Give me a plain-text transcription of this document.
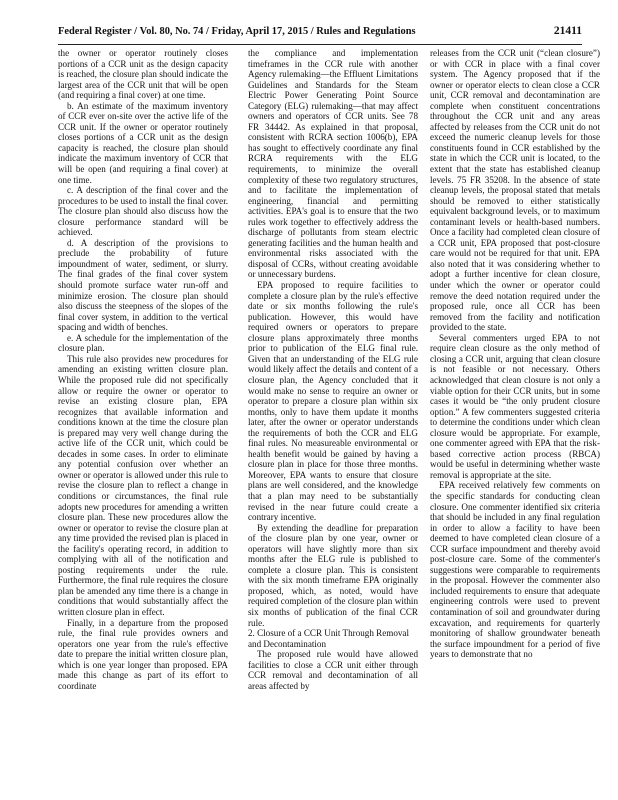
Federal Register / Vol. 80, No. 74 / Friday, April 17, 2015 / Rules and Regulations	21411

the owner or operator routinely closes portions of a CCR unit as the design capacity is reached, the closure plan should indicate the largest area of the CCR unit that will be open (and requiring a final cover) at one time.

b. An estimate of the maximum inventory of CCR ever on-site over the active life of the CCR unit. If the owner or operator routinely closes portions of a CCR unit as the design capacity is reached, the closure plan should indicate the maximum inventory of CCR that will be open (and requiring a final cover) at one time.

c. A description of the final cover and the procedures to be used to install the final cover. The closure plan should also discuss how the closure performance standard will be achieved.

d. A description of the provisions to preclude the probability of future impoundment of water, sediment, or slurry. The final grades of the final cover system should promote surface water run-off and minimize erosion. The closure plan should also discuss the steepness of the slopes of the final cover system, in addition to the vertical spacing and width of benches.

e. A schedule for the implementation of the closure plan.

This rule also provides new procedures for amending an existing written closure plan. While the proposed rule did not specifically allow or require the owner or operator to revise an existing closure plan, EPA recognizes that available information and conditions known at the time the closure plan is prepared may very well change during the active life of the CCR unit, which could be decades in some cases. In order to eliminate any potential confusion over whether an owner or operator is allowed under this rule to revise the closure plan to reflect a change in conditions or circumstances, the final rule adopts new procedures for amending a written closure plan. These new procedures allow the owner or operator to revise the closure plan at any time provided the revised plan is placed in the facility's operating record, in addition to complying with all of the notification and posting requirements under the rule. Furthermore, the final rule requires the closure plan be amended any time there is a change in conditions that would substantially affect the written closure plan in effect.

Finally, in a departure from the proposed rule, the final rule provides owners and operators one year from the rule's effective date to prepare the initial written closure plan, which is one year longer than proposed. EPA made this change as part of its effort to coordinate

the compliance and implementation timeframes in the CCR rule with another Agency rulemaking—the Effluent Limitations Guidelines and Standards for the Steam Electric Power Generating Point Source Category (ELG) rulemaking—that may affect owners and operators of CCR units. See 78 FR 34442. As explained in that proposal, consistent with RCRA section 1006(b), EPA has sought to effectively coordinate any final RCRA requirements with the ELG requirements, to minimize the overall complexity of these two regulatory structures, and to facilitate the implementation of engineering, financial and permitting activities. EPA's goal is to ensure that the two rules work together to effectively address the discharge of pollutants from steam electric generating facilities and the human health and environmental risks associated with the disposal of CCRs, without creating avoidable or unnecessary burdens.

EPA proposed to require facilities to complete a closure plan by the rule's effective date or six months following the rule's publication. However, this would have required owners or operators to prepare closure plans approximately three months prior to publication of the ELG final rule. Given that an understanding of the ELG rule would likely affect the details and content of a closure plan, the Agency concluded that it would make no sense to require an owner or operator to prepare a closure plan within six months, only to have them update it months later, after the owner or operator understands the requirements of both the CCR and ELG final rules. No measureable environmental or health benefit would be gained by having a closure plan in place for those three months. Moreover, EPA wants to ensure that closure plans are well considered, and the knowledge that a plan may need to be substantially revised in the near future could create a contrary incentive.

By extending the deadline for preparation of the closure plan by one year, owner or operators will have slightly more than six months after the ELG rule is published to complete a closure plan. This is consistent with the six month timeframe EPA originally proposed, which, as noted, would have required completion of the closure plan within six months of publication of the final CCR rule.

2. Closure of a CCR Unit Through Removal and Decontamination

The proposed rule would have allowed facilities to close a CCR unit either through CCR removal and decontamination of all areas affected by

releases from the CCR unit (“clean closure”) or with CCR in place with a final cover system. The Agency proposed that if the owner or operator elects to clean close a CCR unit, CCR removal and decontamination are complete when constituent concentrations throughout the CCR unit and any areas affected by releases from the CCR unit do not exceed the numeric cleanup levels for those constituents found in CCR established by the state in which the CCR unit is located, to the extent that the state has established cleanup levels. 75 FR 35208. In the absence of state cleanup levels, the proposal stated that metals should be removed to either statistically equivalent background levels, or to maximum contaminant levels or health-based numbers. Once a facility had completed clean closure of a CCR unit, EPA proposed that post-closure care would not be required for that unit. EPA also noted that it was considering whether to adopt a further incentive for clean closure, under which the owner or operator could remove the deed notation required under the proposed rule, once all CCR has been removed from the facility and notification provided to the state.

Several commenters urged EPA to not require clean closure as the only method of closing a CCR unit, arguing that clean closure is not feasible or not necessary. Others acknowledged that clean closure is not only a viable option for their CCR units, but in some cases it would be “the only prudent closure option.” A few commenters suggested criteria to determine the conditions under which clean closure would be appropriate. For example, one commenter agreed with EPA that the risk-based corrective action process (RBCA) would be useful in determining whether waste removal is appropriate at the site.

EPA received relatively few comments on the specific standards for conducting clean closure. One commenter identified six criteria that should be included in any final regulation in order to allow a facility to have been deemed to have completed clean closure of a CCR surface impoundment and thereby avoid post-closure care. Some of the commenter's suggestions were comparable to requirements in the proposal. However the commenter also included requirements to ensure that adequate engineering controls were used to prevent contamination of soil and groundwater during excavation, and requirements for quarterly monitoring of shallow groundwater beneath the surface impoundment for a period of five years to demonstrate that no
